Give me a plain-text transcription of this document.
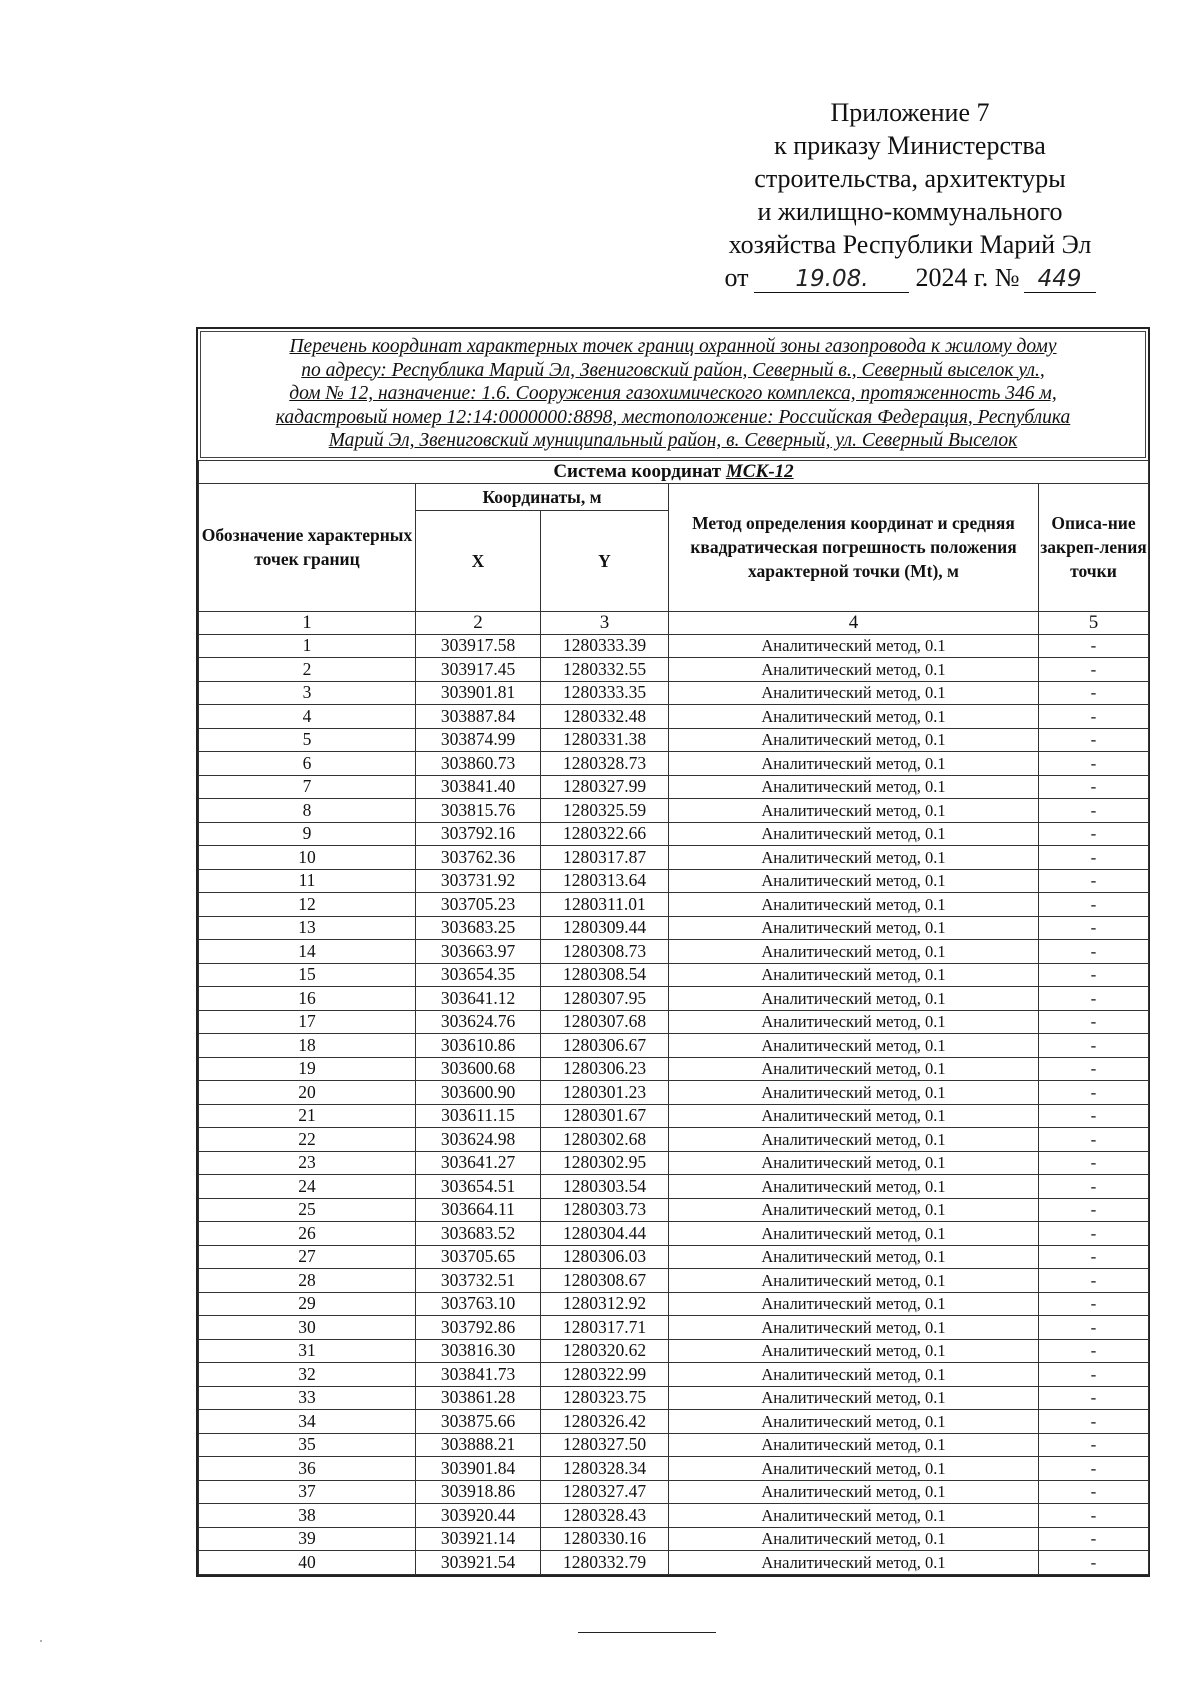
Приложение 7
к приказу Министерства
строительства, архитектуры
и жилищно-коммунального
хозяйства Республики Марий Эл
от	19.08.	2024 г. № 449
Перечень координат характерных точек границ охранной зоны газопровода к жилому дому
по адресу: Республика Марий Эл, Звениговский район, Северный в., Северный выселок ул.,
дом № 12, назначение: 1.6. Сооружения газохимического комплекса, протяженность 346 м,
кадастровый номер 12:14:0000000:8898, местоположение: Российская Федерация, Республика
Марий Эл, Звениговский муниципальный район, в. Северный, ул. Северный Выселок
Система координат МСК-12				
Обозначение характерных точек границ	Координаты, м		Метод определения координат и средняя квадратическая погрешность положения характерной точки (Mt), м	Описа-ние закреп-ления точки
	X	Y		
1	2	3	4	5
1	303917.58	1280333.39	Аналитический метод, 0.1	-
2	303917.45	1280332.55	Аналитический метод, 0.1	-
3	303901.81	1280333.35	Аналитический метод, 0.1	-
4	303887.84	1280332.48	Аналитический метод, 0.1	-
5	303874.99	1280331.38	Аналитический метод, 0.1	-
6	303860.73	1280328.73	Аналитический метод, 0.1	-
7	303841.40	1280327.99	Аналитический метод, 0.1	-
8	303815.76	1280325.59	Аналитический метод, 0.1	-
9	303792.16	1280322.66	Аналитический метод, 0.1	-
10	303762.36	1280317.87	Аналитический метод, 0.1	-
11	303731.92	1280313.64	Аналитический метод, 0.1	-
12	303705.23	1280311.01	Аналитический метод, 0.1	-
13	303683.25	1280309.44	Аналитический метод, 0.1	-
14	303663.97	1280308.73	Аналитический метод, 0.1	-
15	303654.35	1280308.54	Аналитический метод, 0.1	-
16	303641.12	1280307.95	Аналитический метод, 0.1	-
17	303624.76	1280307.68	Аналитический метод, 0.1	-
18	303610.86	1280306.67	Аналитический метод, 0.1	-
19	303600.68	1280306.23	Аналитический метод, 0.1	-
20	303600.90	1280301.23	Аналитический метод, 0.1	-
21	303611.15	1280301.67	Аналитический метод, 0.1	-
22	303624.98	1280302.68	Аналитический метод, 0.1	-
23	303641.27	1280302.95	Аналитический метод, 0.1	-
24	303654.51	1280303.54	Аналитический метод, 0.1	-
25	303664.11	1280303.73	Аналитический метод, 0.1	-
26	303683.52	1280304.44	Аналитический метод, 0.1	-
27	303705.65	1280306.03	Аналитический метод, 0.1	-
28	303732.51	1280308.67	Аналитический метод, 0.1	-
29	303763.10	1280312.92	Аналитический метод, 0.1	-
30	303792.86	1280317.71	Аналитический метод, 0.1	-
31	303816.30	1280320.62	Аналитический метод, 0.1	-
32	303841.73	1280322.99	Аналитический метод, 0.1	-
33	303861.28	1280323.75	Аналитический метод, 0.1	-
34	303875.66	1280326.42	Аналитический метод, 0.1	-
35	303888.21	1280327.50	Аналитический метод, 0.1	-
36	303901.84	1280328.34	Аналитический метод, 0.1	-
37	303918.86	1280327.47	Аналитический метод, 0.1	-
38	303920.44	1280328.43	Аналитический метод, 0.1	-
39	303921.14	1280330.16	Аналитический метод, 0.1	-
40	303921.54	1280332.79	Аналитический метод, 0.1	-
